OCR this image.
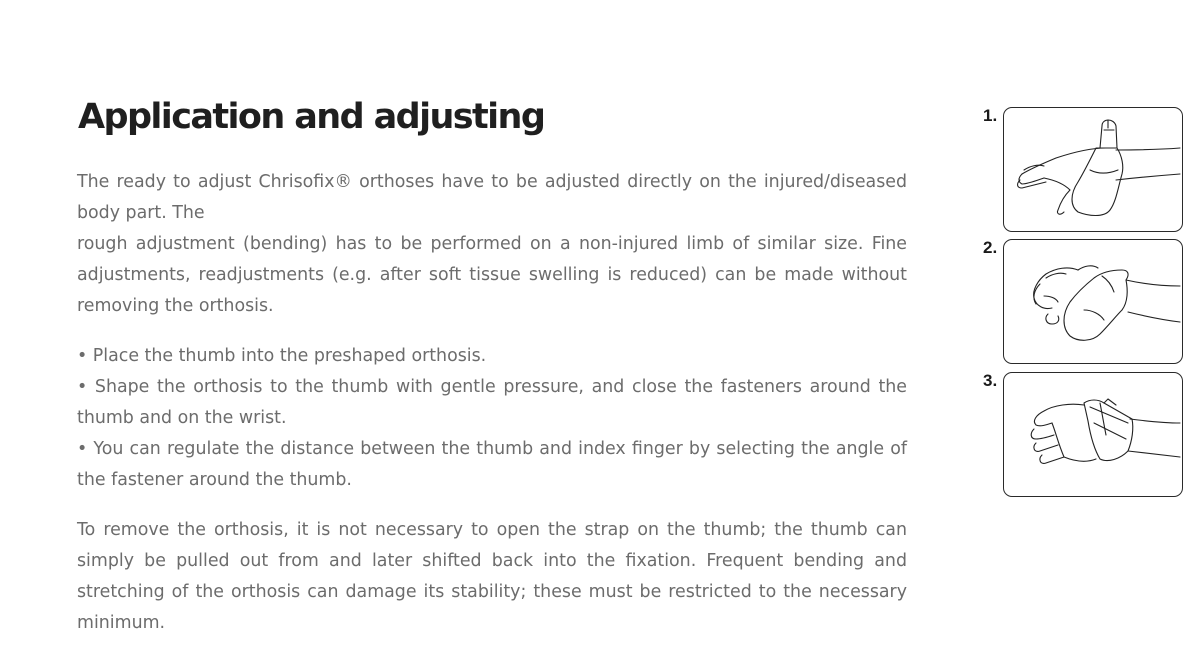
Application and adjusting

The ready to adjust Chrisofix® orthoses have to be adjusted directly on the injured/diseased body part. The

rough adjustment (bending) has to be performed on a non-injured limb of similar size. Fine adjustments, readjustments (e.g. after soft tissue swelling is reduced) can be made without removing the orthosis.

• Place the thumb into the preshaped orthosis.

• Shape the orthosis to the thumb with gentle pressure, and close the fasteners around the thumb and on the wrist.

• You can regulate the distance between the thumb and index finger by selecting the angle of the fastener around the thumb.

To remove the orthosis, it is not necessary to open the strap on the thumb; the thumb can simply be pulled out from and later shifted back into the fixation. Frequent bending and stretching of the orthosis can damage its stability; these must be restricted to the necessary minimum.

1.
2.
3.
